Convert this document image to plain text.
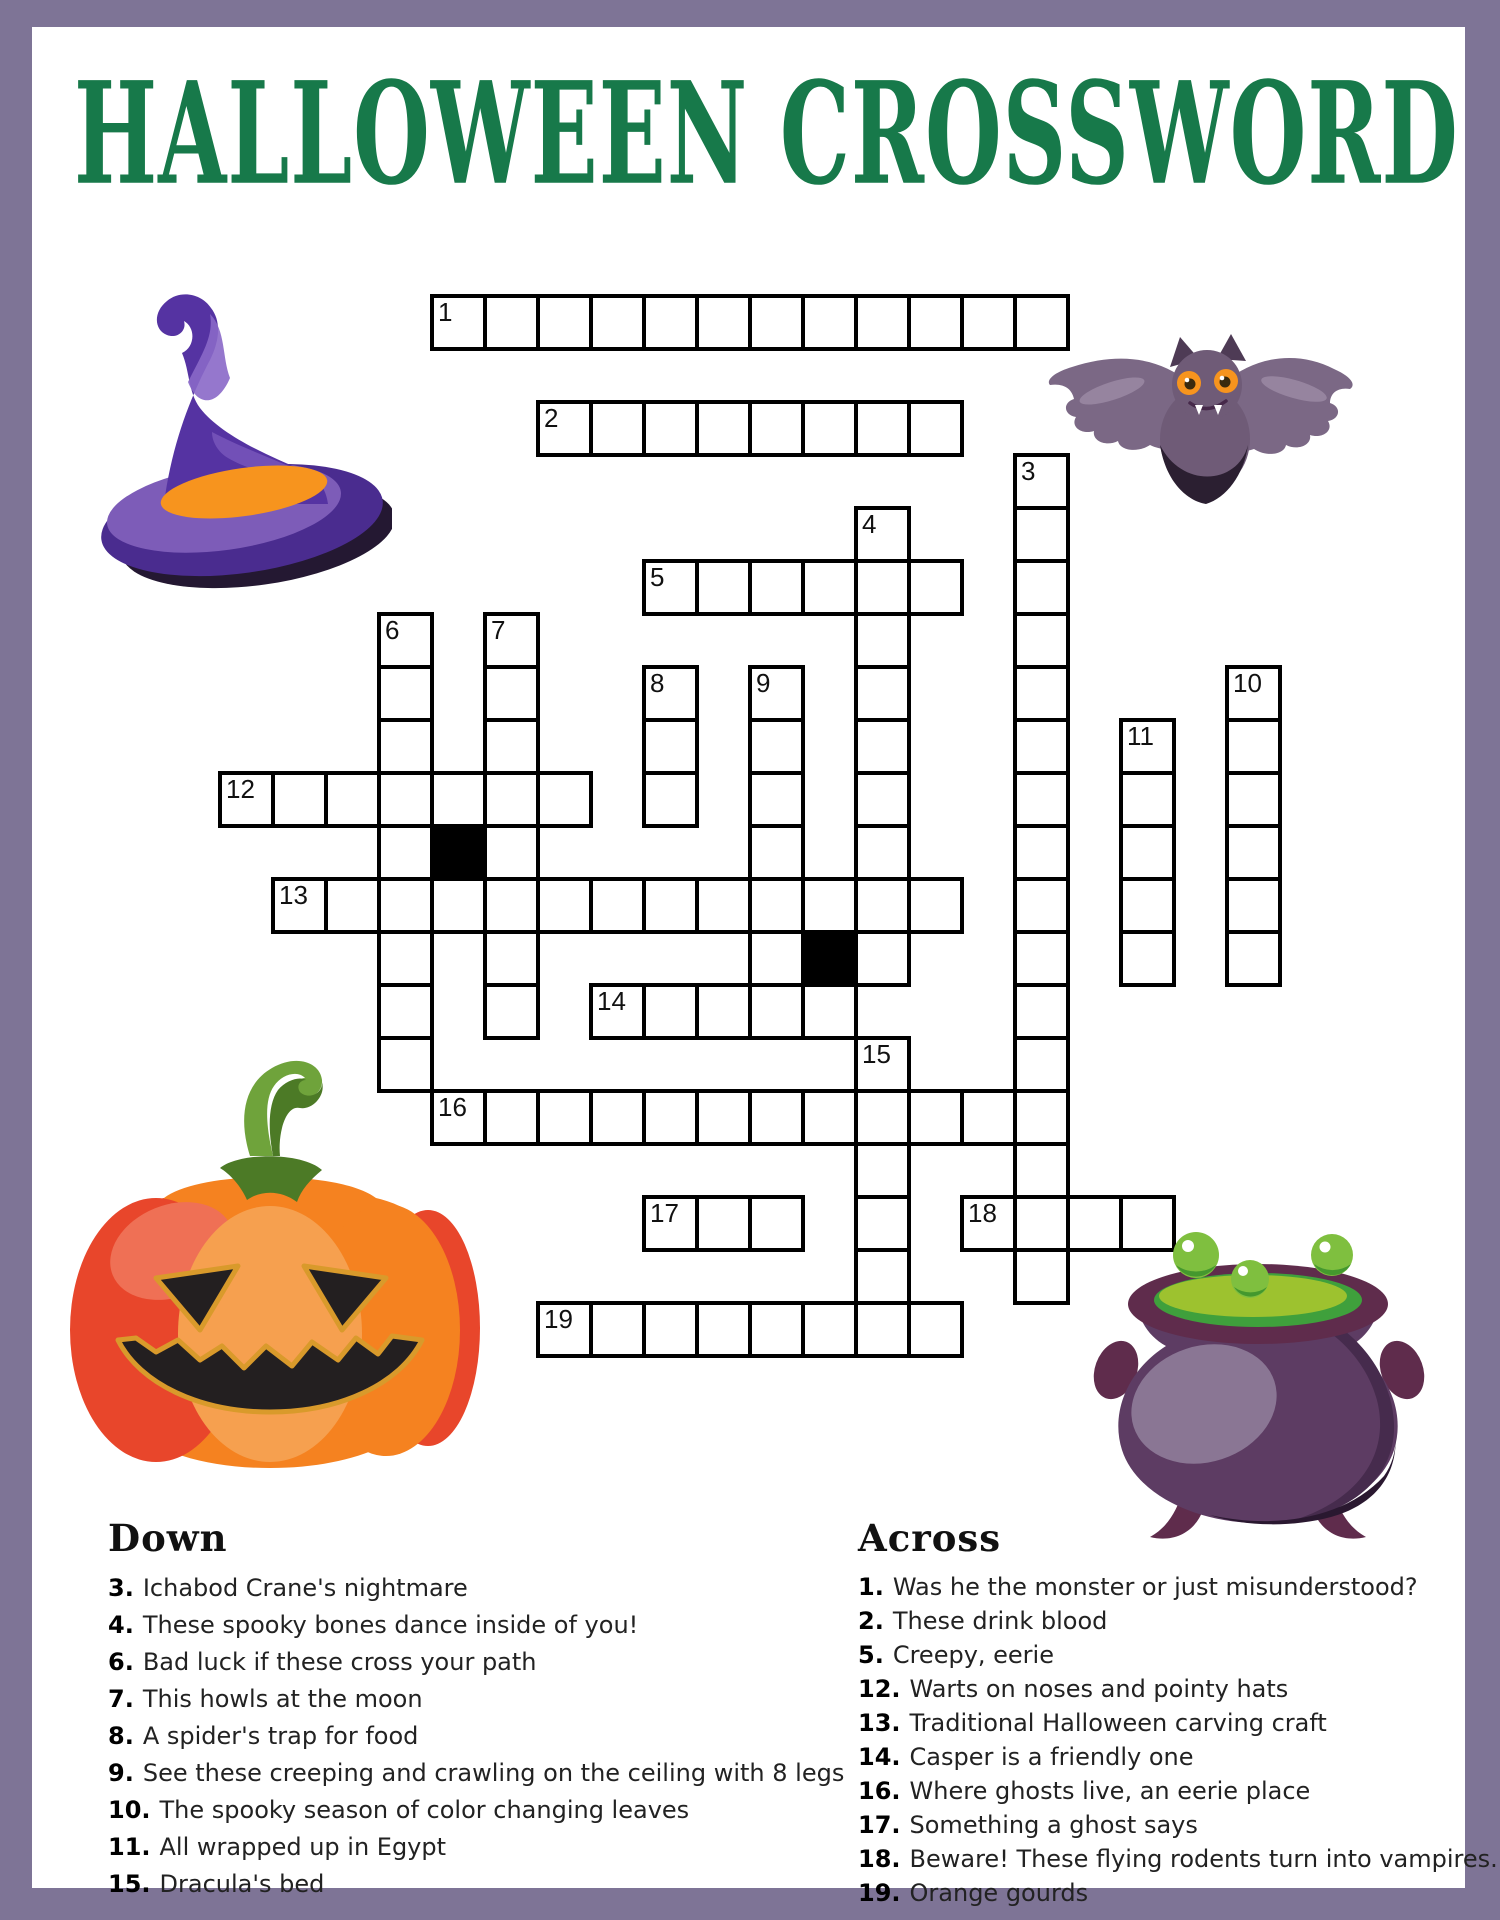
HALLOWEEN CROSSWORD
1
2
3
4
5
6	7
8	9	10
11
12
13
14
15
16
17	18
19
Down
3. Ichabod Crane's nightmare
4. These spooky bones dance inside of you!
6. Bad luck if these cross your path
7. This howls at the moon
8. A spider's trap for food
9. See these creeping and crawling on the ceiling with 8 legs
10. The spooky season of color changing leaves
11. All wrapped up in Egypt
15. Dracula's bed
Across
1. Was he the monster or just misunderstood?
2. These drink blood
5. Creepy, eerie
12. Warts on noses and pointy hats
13. Traditional Halloween carving craft
14. Casper is a friendly one
16. Where ghosts live, an eerie place
17. Something a ghost says
18. Beware! These flying rodents turn into vampires.
19. Orange gourds
